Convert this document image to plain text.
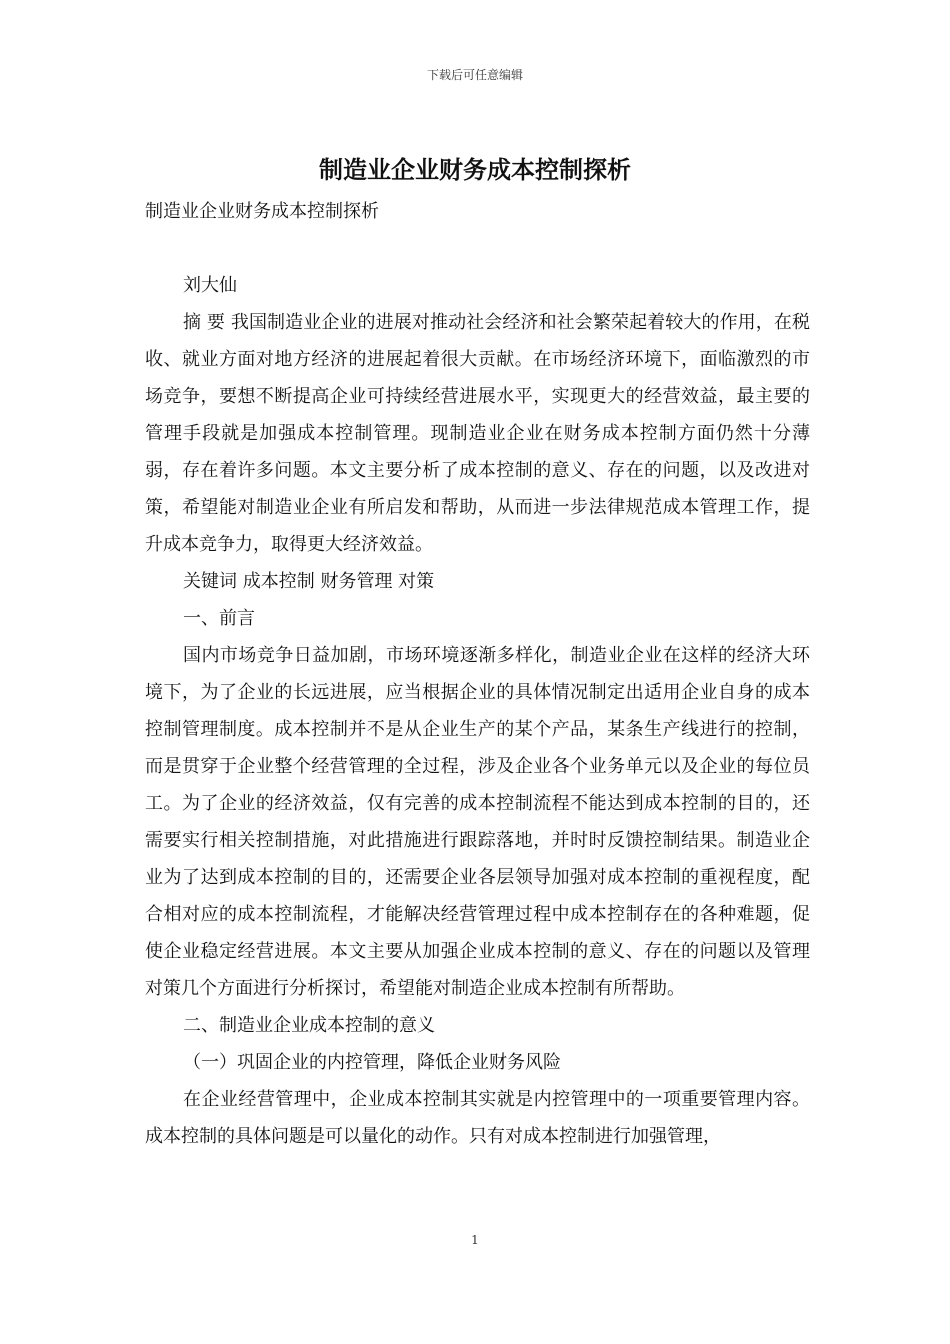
下载后可任意编辑
制造业企业财务成本控制探析

制造业企业财务成本控制探析

刘大仙

摘 要 我国制造业企业的进展对推动社会经济和社会繁荣起着较大的作用，在税收、就业方面对地方经济的进展起着很大贡献。在市场经济环境下，面临激烈的市场竞争，要想不断提高企业可持续经营进展水平，实现更大的经营效益，最主要的管理手段就是加强成本控制管理。现制造业企业在财务成本控制方面仍然十分薄弱，存在着许多问题。本文主要分析了成本控制的意义、存在的问题，以及改进对策，希望能对制造业企业有所启发和帮助，从而进一步法律规范成本管理工作，提升成本竞争力，取得更大经济效益。

关键词 成本控制 财务管理 对策

一、前言

国内市场竞争日益加剧，市场环境逐渐多样化，制造业企业在这样的经济大环境下，为了企业的长远进展，应当根据企业的具体情况制定出适用企业自身的成本控制管理制度。成本控制并不是从企业生产的某个产品，某条生产线进行的控制，而是贯穿于企业整个经营管理的全过程，涉及企业各个业务单元以及企业的每位员工。为了企业的经济效益，仅有完善的成本控制流程不能达到成本控制的目的，还需要实行相关控制措施，对此措施进行跟踪落地，并时时反馈控制结果。制造业企业为了达到成本控制的目的，还需要企业各层领导加强对成本控制的重视程度，配合相对应的成本控制流程，才能解决经营管理过程中成本控制存在的各种难题，促使企业稳定经营进展。本文主要从加强企业成本控制的意义、存在的问题以及管理对策几个方面进行分析探讨，希望能对制造企业成本控制有所帮助。

二、制造业企业成本控制的意义

（一）巩固企业的内控管理，降低企业财务风险

在企业经营管理中，企业成本控制其实就是内控管理中的一项重要管理内容。成本控制的具体问题是可以量化的动作。只有对成本控制进行加强管理，

1
